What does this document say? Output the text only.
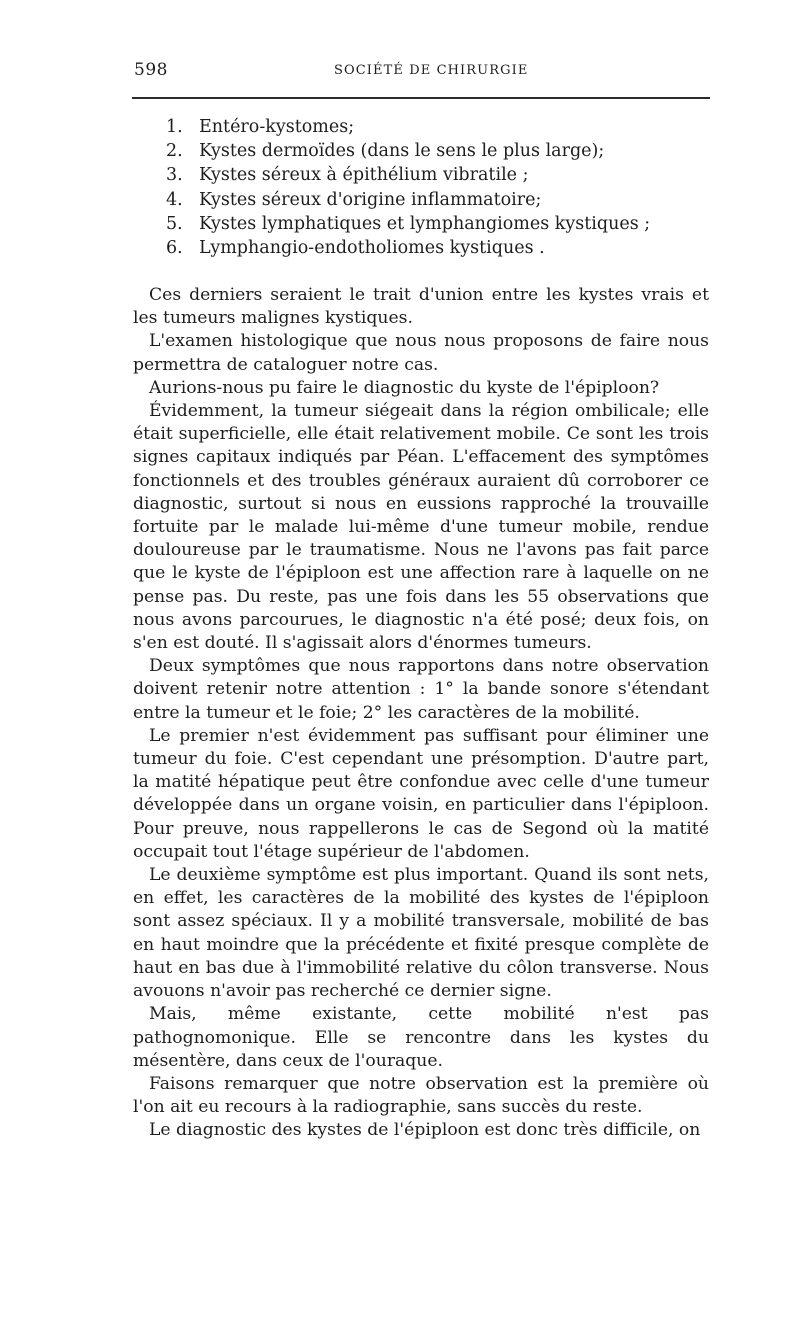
598	SOCIÉTÉ DE CHIRURGIE
1. Entéro-kystomes;
2. Kystes dermoïdes (dans le sens le plus large);
3. Kystes séreux à épithélium vibratile ;
4. Kystes séreux d'origine inflammatoire;
5. Kystes lymphatiques et lymphangiomes kystiques ;
6. Lymphangio-endotholiomes kystiques .

Ces derniers seraient le trait d'union entre les kystes vrais et les tumeurs malignes kystiques.

L'examen histologique que nous nous proposons de faire nous permettra de cataloguer notre cas.

Aurions-nous pu faire le diagnostic du kyste de l'épiploon?

Évidemment, la tumeur siégeait dans la région ombilicale; elle était superficielle, elle était relativement mobile. Ce sont les trois signes capitaux indiqués par Péan. L'effacement des symptômes fonctionnels et des troubles généraux auraient dû corroborer ce diagnostic, surtout si nous en eussions rapproché la trouvaille fortuite par le malade lui-même d'une tumeur mobile, rendue douloureuse par le traumatisme. Nous ne l'avons pas fait parce que le kyste de l'épiploon est une affection rare à laquelle on ne pense pas. Du reste, pas une fois dans les 55 observations que nous avons parcourues, le diagnostic n'a été posé; deux fois, on s'en est douté. Il s'agissait alors d'énormes tumeurs.

Deux symptômes que nous rapportons dans notre observation doivent retenir notre attention : 1° la bande sonore s'étendant entre la tumeur et le foie; 2° les caractères de la mobilité.

Le premier n'est évidemment pas suffisant pour éliminer une tumeur du foie. C'est cependant une présomption. D'autre part, la matité hépatique peut être confondue avec celle d'une tumeur développée dans un organe voisin, en particulier dans l'épiploon. Pour preuve, nous rappellerons le cas de Segond où la matité occupait tout l'étage supérieur de l'abdomen.

Le deuxième symptôme est plus important. Quand ils sont nets, en effet, les caractères de la mobilité des kystes de l'épiploon sont assez spéciaux. Il y a mobilité transversale, mobilité de bas en haut moindre que la précédente et fixité presque complète de haut en bas due à l'immobilité relative du côlon transverse. Nous avouons n'avoir pas recherché ce dernier signe.

Mais, même existante, cette mobilité n'est pas pathognomonique. Elle se rencontre dans les kystes du mésentère, dans ceux de l'ouraque.

Faisons remarquer que notre observation est la première où l'on ait eu recours à la radiographie, sans succès du reste.

Le diagnostic des kystes de l'épiploon est donc très difficile, on
